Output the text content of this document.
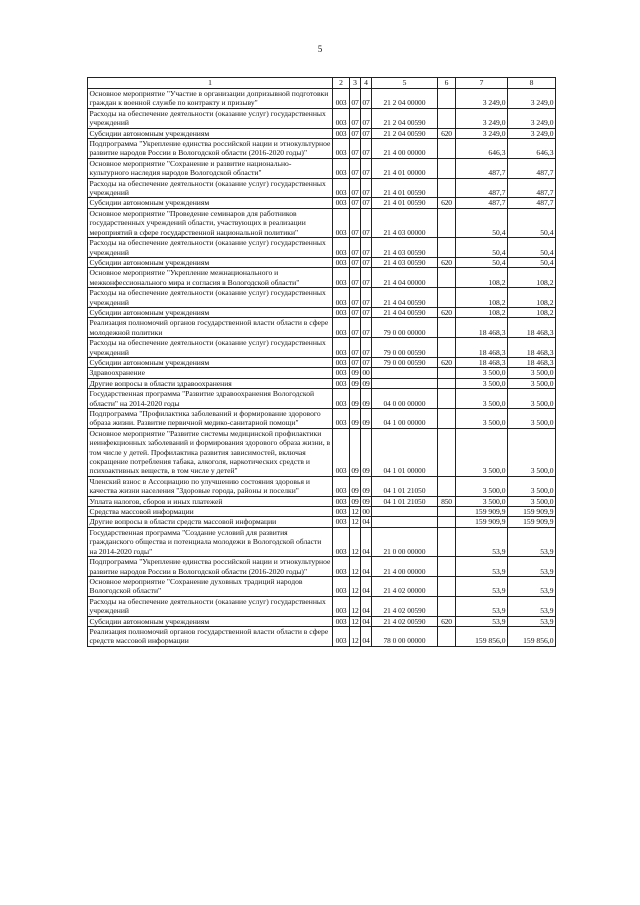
5
1	2	3	4	5	6	7	8
Основное мероприятие "Участие в организации допризывной подготовки граждан к военной службе по контракту и призыву"	003	07	07	21 2 04 00000		3 249,0	3 249,0
Расходы на обеспечение деятельности (оказание услуг) государственных учреждений	003	07	07	21 2 04 00590		3 249,0	3 249,0
Субсидии автономным учреждениям	003	07	07	21 2 04 00590	620	3 249,0	3 249,0
Подпрограмма "Укрепление единства российской нации и этнокультурное развитие народов России в Вологодской области (2016-2020 годы)"	003	07	07	21 4 00 00000		646,3	646,3
Основное мероприятие "Сохранение и развитие национально-культурного наследия народов Вологодской области"	003	07	07	21 4 01 00000		487,7	487,7
Расходы на обеспечение деятельности (оказание услуг) государственных учреждений	003	07	07	21 4 01 00590		487,7	487,7
Субсидии автономным учреждениям	003	07	07	21 4 01 00590	620	487,7	487,7
Основное мероприятие "Проведение семинаров для работников государственных учреждений области, участвующих в реализации мероприятий в сфере государственной национальной политики"	003	07	07	21 4 03 00000		50,4	50,4
Расходы на обеспечение деятельности (оказание услуг) государственных учреждений	003	07	07	21 4 03 00590		50,4	50,4
Субсидии автономным учреждениям	003	07	07	21 4 03 00590	620	50,4	50,4
Основное мероприятие "Укрепление межнационального и межконфессионального мира и согласия в Вологодской области"	003	07	07	21 4 04 00000		108,2	108,2
Расходы на обеспечение деятельности (оказание услуг) государственных учреждений	003	07	07	21 4 04 00590		108,2	108,2
Субсидии автономным учреждениям	003	07	07	21 4 04 00590	620	108,2	108,2
Реализация полномочий органов государственной власти области в сфере молодежной политики	003	07	07	79 0 00 00000		18 468,3	18 468,3
Расходы на обеспечение деятельности (оказание услуг) государственных учреждений	003	07	07	79 0 00 00590		18 468,3	18 468,3
Субсидии автономным учреждениям	003	07	07	79 0 00 00590	620	18 468,3	18 468,3
Здравоохранение	003	09	00			3 500,0	3 500,0
Другие вопросы в области здравоохранения	003	09	09			3 500,0	3 500,0
Государственная программа "Развитие здравоохранения Вологодской области" на 2014-2020 годы	003	09	09	04 0 00 00000		3 500,0	3 500,0
Подпрограмма "Профилактика заболеваний и формирование здорового образа жизни. Развитие первичной медико-санитарной помощи"	003	09	09	04 1 00 00000		3 500,0	3 500,0
Основное мероприятие "Развитие системы медицинской профилактики неинфекционных заболеваний и формирования здорового образа жизни, в том числе у детей. Профилактика развития зависимостей, включая сокращение потребления табака, алкоголя, наркотических средств и психоактивных веществ, в том числе у детей"	003	09	09	04 1 01 00000		3 500,0	3 500,0
Членский взнос в Ассоциацию по улучшению состояния здоровья и качества жизни населения "Здоровые города, районы и поселки"	003	09	09	04 1 01 21050		3 500,0	3 500,0
Уплата налогов, сборов и иных платежей	003	09	09	04 1 01 21050	850	3 500,0	3 500,0
Средства массовой информации	003	12	00			159 909,9	159 909,9
Другие вопросы в области средств массовой информации	003	12	04			159 909,9	159 909,9
Государственная программа "Создание условий для развития гражданского общества и потенциала молодежи в Вологодской области на 2014-2020 годы"	003	12	04	21 0 00 00000		53,9	53,9
Подпрограмма "Укрепление единства российской нации и этнокультурное развитие народов России в Вологодской области (2016-2020 годы)"	003	12	04	21 4 00 00000		53,9	53,9
Основное мероприятие "Сохранение духовных традиций народов Вологодской области"	003	12	04	21 4 02 00000		53,9	53,9
Расходы на обеспечение деятельности (оказание услуг) государственных учреждений	003	12	04	21 4 02 00590		53,9	53,9
Субсидии автономным учреждениям	003	12	04	21 4 02 00590	620	53,9	53,9
Реализация полномочий органов государственной власти области в сфере средств массовой информации	003	12	04	78 0 00 00000		159 856,0	159 856,0
